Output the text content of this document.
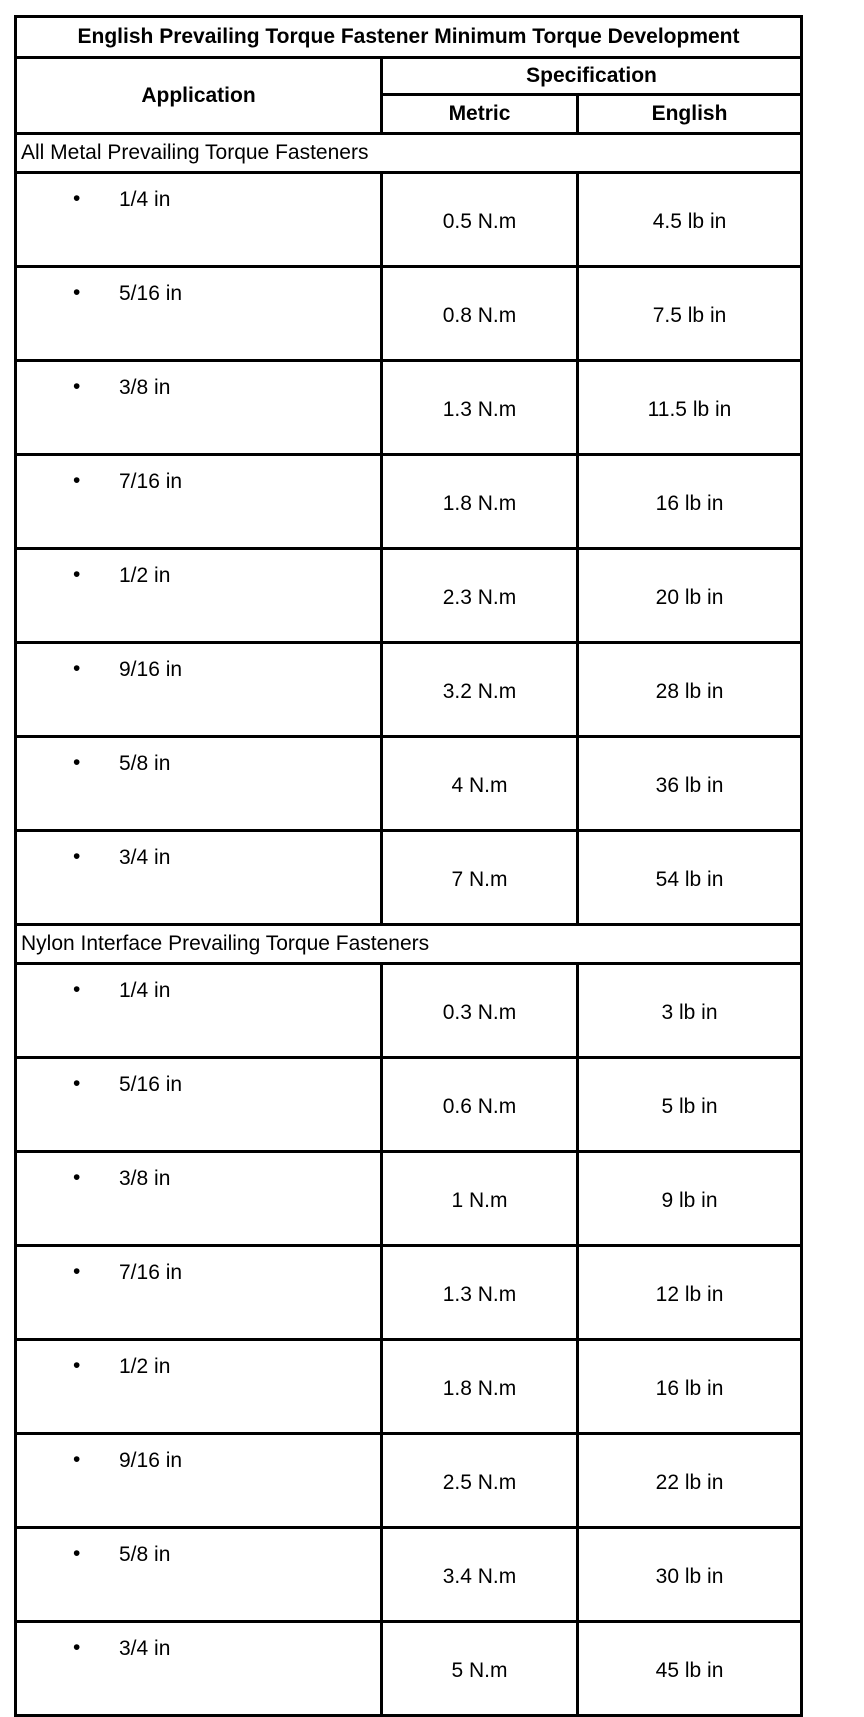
English Prevailing Torque Fastener Minimum Torque Development		
Application	Specification	
	Metric	English
All Metal Prevailing Torque Fasteners		

• 1/4 in	0.5 N.m	4.5 lb in

• 5/16 in	0.8 N.m	7.5 lb in

• 3/8 in	1.3 N.m	11.5 lb in

• 7/16 in	1.8 N.m	16 lb in

• 1/2 in	2.3 N.m	20 lb in

• 9/16 in	3.2 N.m	28 lb in

• 5/8 in	4 N.m	36 lb in

• 3/4 in	7 N.m	54 lb in
Nylon Interface Prevailing Torque Fasteners		

• 1/4 in	0.3 N.m	3 lb in

• 5/16 in	0.6 N.m	5 lb in

• 3/8 in	1 N.m	9 lb in

• 7/16 in	1.3 N.m	12 lb in

• 1/2 in	1.8 N.m	16 lb in

• 9/16 in	2.5 N.m	22 lb in

• 5/8 in	3.4 N.m	30 lb in

• 3/4 in	5 N.m	45 lb in
